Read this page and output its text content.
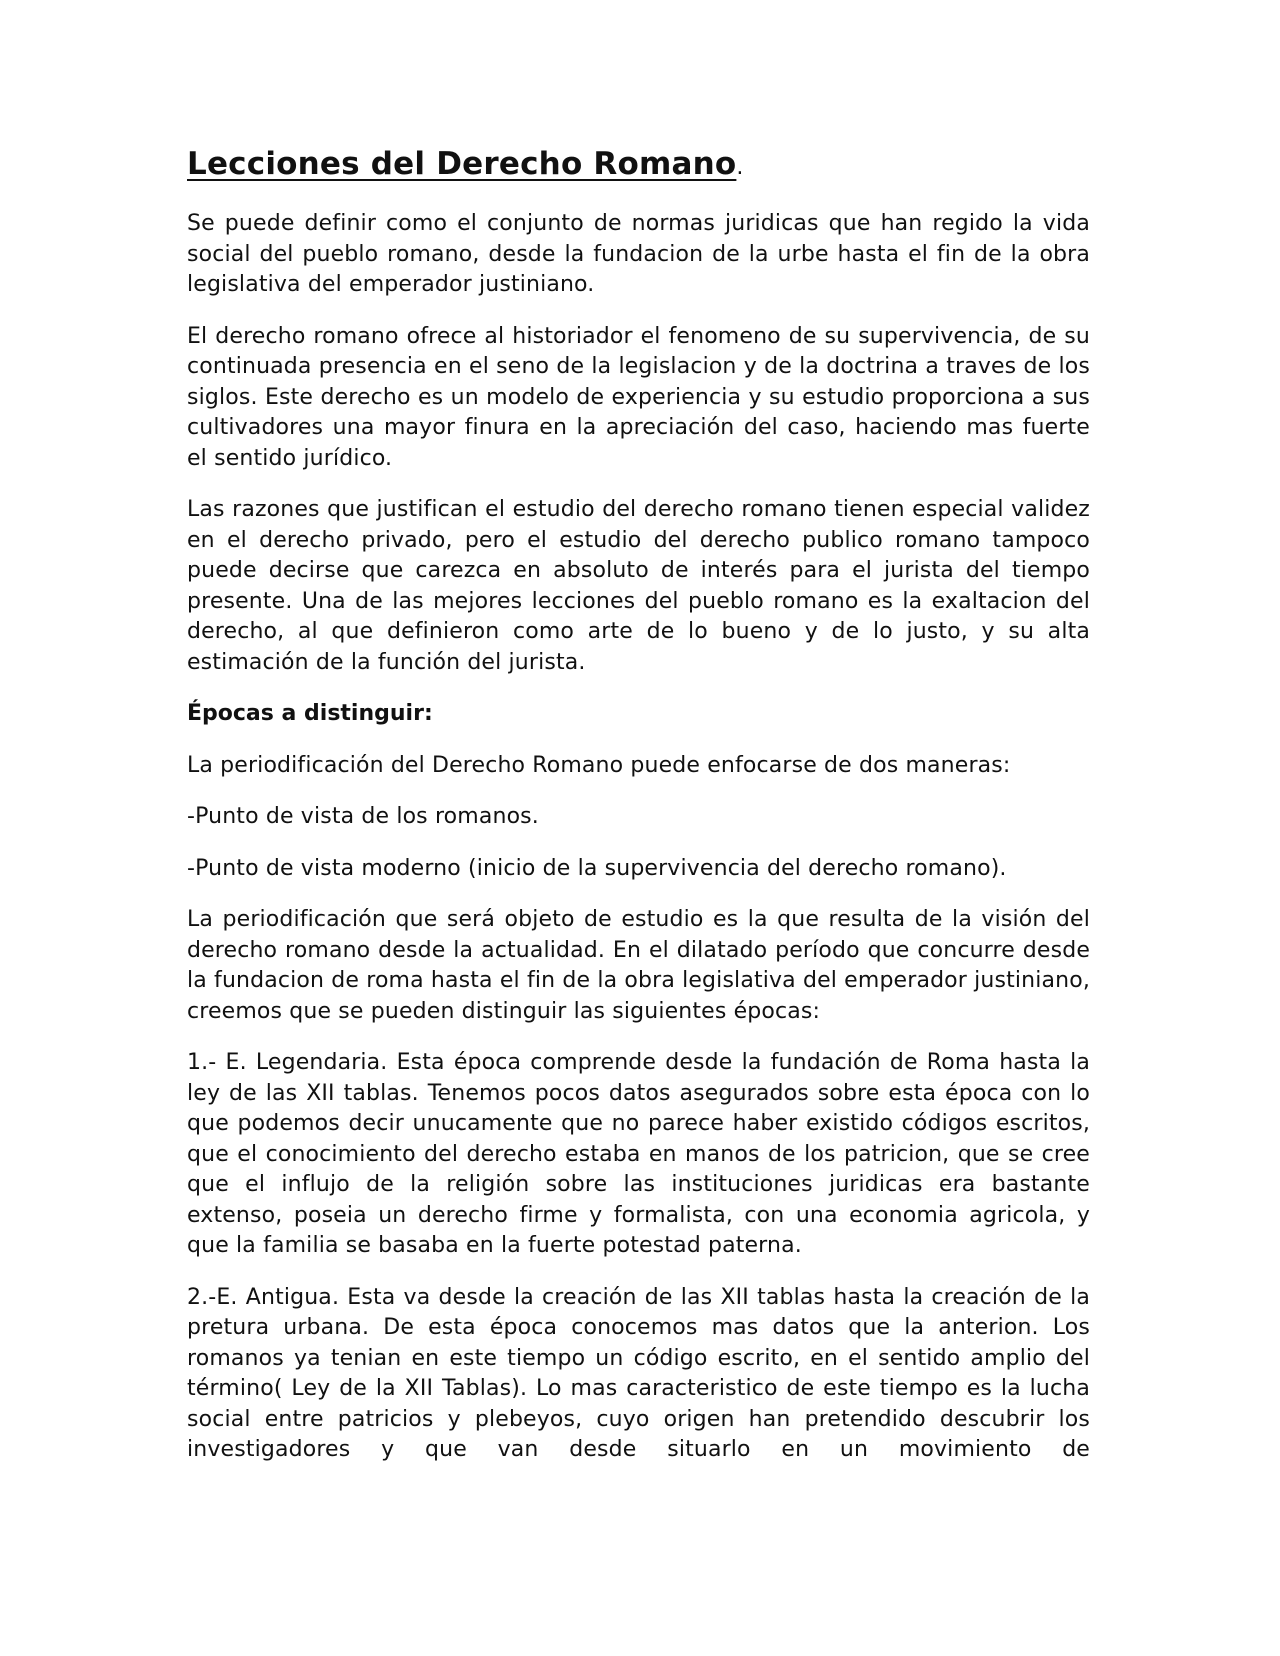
Lecciones del Derecho Romano.

Se puede definir como el conjunto de normas juridicas que han regido la vida social del pueblo romano, desde la fundacion de la urbe hasta el fin de la obra legislativa del emperador justiniano.

El derecho romano ofrece al historiador el fenomeno de su supervivencia, de su continuada presencia en el seno de la legislacion y de la doctrina a traves de los siglos. Este derecho es un modelo de experiencia y su estudio proporciona a sus cultivadores una mayor finura en la apreciación del caso, haciendo mas fuerte el sentido jurídico.

Las razones que justifican el estudio del derecho romano tienen especial validez en el derecho privado, pero el estudio del derecho publico romano tampoco puede decirse que carezca en absoluto de interés para el jurista del tiempo presente. Una de las mejores lecciones del pueblo romano es la exaltacion del derecho, al que definieron como arte de lo bueno y de lo justo, y su alta estimación de la función del jurista.

Épocas a distinguir:

La periodificación del Derecho Romano puede enfocarse de dos maneras:

-Punto de vista de los romanos.

-Punto de vista moderno (inicio de la supervivencia del derecho romano).

La periodificación que será objeto de estudio es la que resulta de la visión del derecho romano desde la actualidad. En el dilatado período que concurre desde la fundacion de roma hasta el fin de la obra legislativa del emperador justiniano, creemos que se pueden distinguir las siguientes épocas:

1.- E. Legendaria. Esta época comprende desde la fundación de Roma hasta la ley de las XII tablas. Tenemos pocos datos asegurados sobre esta época con lo que podemos decir unucamente que no parece haber existido códigos escritos, que el conocimiento del derecho estaba en manos de los patricion, que se cree que el influjo de la religión sobre las instituciones juridicas era bastante extenso, poseia un derecho firme y formalista, con una economia agricola, y que la familia se basaba en la fuerte potestad paterna.

2.-E. Antigua. Esta va desde la creación de las XII tablas hasta la creación de la pretura urbana. De esta época conocemos mas datos que la anterion. Los romanos ya tenian en este tiempo un código escrito, en el sentido amplio del término( Ley de la XII Tablas). Lo mas caracteristico de este tiempo es la lucha social entre patricios y plebeyos, cuyo origen han pretendido descubrir los investigadores y que van desde situarlo en un movimiento de
